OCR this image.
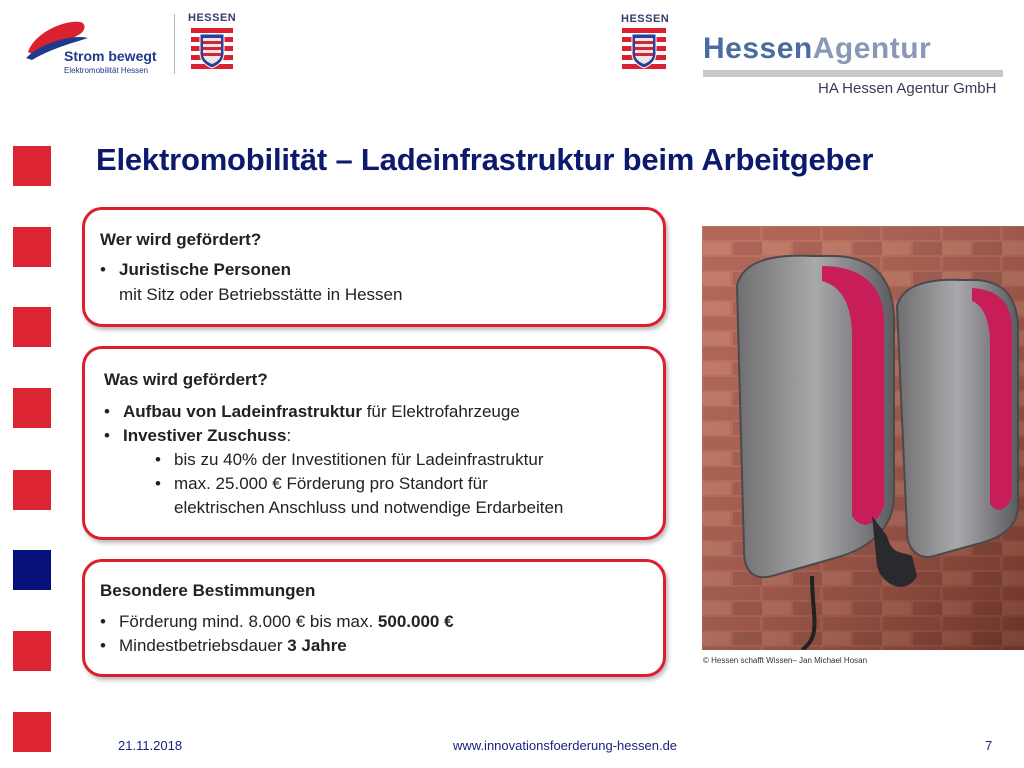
Strom bewegt
Elektromobilität Hessen
HESSEN	HESSEN
HessenAgentur
HA Hessen Agentur GmbH
Elektromobilität – Ladeinfrastruktur beim Arbeitgeber
Wer wird gefördert?
• Juristische Personen
mit Sitz oder Betriebsstätte in Hessen
Was wird gefördert?
• Aufbau von Ladeinfrastruktur für Elektrofahrzeuge
• Investiver Zuschuss:
• bis zu 40% der Investitionen für Ladeinfrastruktur
• max. 25.000 € Förderung pro Standort für
elektrischen Anschluss und notwendige Erdarbeiten
Besondere Bestimmungen
• Förderung mind. 8.000 € bis max. 500.000 €
• Mindestbetriebsdauer 3 Jahre
© Hessen schafft Wissen– Jan Michael Hosan
21.11.2018	www.innovationsfoerderung-hessen.de	7
